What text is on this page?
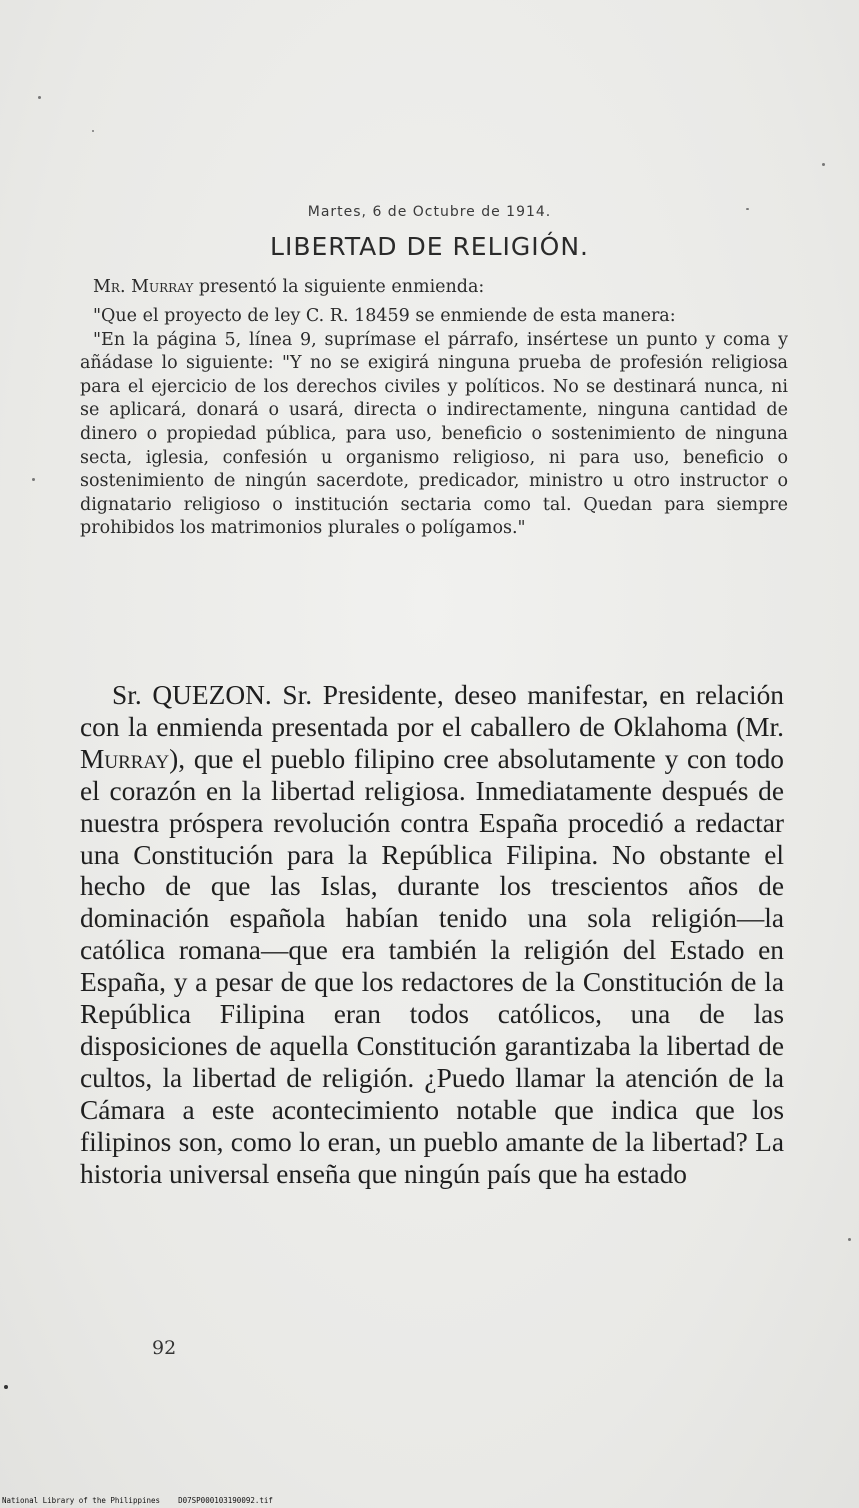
Martes, 6 de Octubre de 1914.
LIBERTAD DE RELIGIÓN.

Mr. Murray presentó la siguiente enmienda:

"Que el proyecto de ley C. R. 18459 se enmiende de esta manera:

"En la página 5, línea 9, suprímase el párrafo, insértese un punto y coma y añádase lo siguiente: "Y no se exigirá ninguna prueba de profesión religiosa para el ejercicio de los derechos civiles y políticos. No se destinará nunca, ni se aplicará, donará o usará, directa o indirectamente, ninguna cantidad de dinero o propiedad pública, para uso, beneficio o sostenimiento de ninguna secta, iglesia, confesión u organismo religioso, ni para uso, beneficio o sostenimiento de ningún sacerdote, predicador, ministro u otro instructor o dignatario religioso o institución sectaria como tal. Quedan para siempre prohibidos los matrimonios plurales o polígamos."

Sr. QUEZON. Sr. Presidente, deseo manifestar, en relación con la enmienda presentada por el caballero de Oklahoma (Mr. Murray), que el pueblo filipino cree absolutamente y con todo el corazón en la libertad religiosa. Inmediatamente después de nuestra próspera revolución contra España procedió a redactar una Constitución para la República Filipina. No obstante el hecho de que las Islas, durante los trescientos años de dominación española habían tenido una sola religión—la católica romana—que era también la religión del Estado en España, y a pesar de que los redactores de la Constitución de la República Filipina eran todos católicos, una de las disposiciones de aquella Constitución garantizaba la libertad de cultos, la libertad de religión. ¿Puedo llamar la atención de la Cámara a este acontecimiento notable que indica que los filipinos son, como lo eran, un pueblo amante de la libertad? La historia universal enseña que ningún país que ha estado

92
National Library of the Philippines    D07SP000103190092.tif
